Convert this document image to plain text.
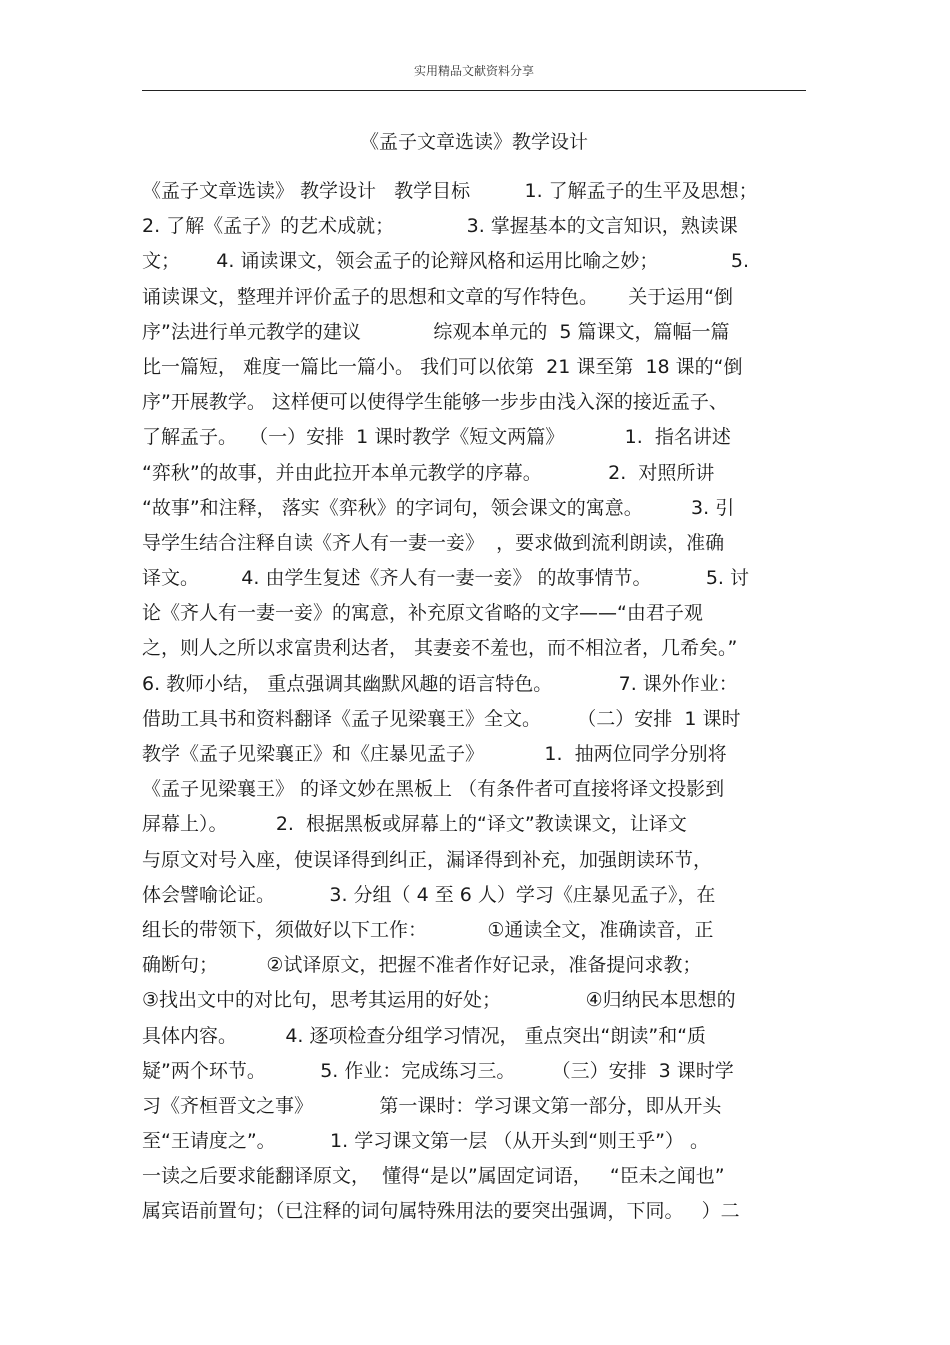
实用精品文献资料分享
《孟子文章选读》教学设计
《孟子文章选读》 教学设计   教学目标         1. 了解孟子的生平及思想；
2. 了解《孟子》的艺术成就；            3. 掌握基本的文言知识，熟读课
文；      4. 诵读课文，领会孟子的论辩风格和运用比喻之妙；            5.
诵读课文，整理并评价孟子的思想和文章的写作特色。     关于运用“倒
序”法进行单元教学的建议            综观本单元的  5 篇课文，篇幅一篇
比一篇短， 难度一篇比一篇小。 我们可以依第  21 课至第  18 课的“倒
序”开展教学。 这样便可以使得学生能够一步步由浅入深的接近孟子、
了解孟子。  （一）安排  1 课时教学《短文两篇》          1.  指名讲述
“弈秋”的故事，并由此拉开本单元教学的序幕。           2.  对照所讲
“故事”和注释， 落实《弈秋》的字词句，领会课文的寓意。        3. 引
导学生结合注释自读《齐人有一妻一妾》  ，要求做到流利朗读，准确
译文。       4. 由学生复述《齐人有一妻一妾》 的故事情节。         5. 讨
论《齐人有一妻一妾》的寓意，补充原文省略的文字——“由君子观
之，则人之所以求富贵利达者， 其妻妾不羞也，而不相泣者，几希矣。”
6. 教师小结， 重点强调其幽默风趣的语言特色。           7. 课外作业：
借助工具书和资料翻译《孟子见梁襄王》全文。      （二）安排  1 课时
教学《孟子见梁襄正》和《庄暴见孟子》          1.  抽两位同学分别将
《孟子见梁襄王》 的译文妙在黑板上 （有条件者可直接将译文投影到
屏幕上）。        2.  根据黑板或屏幕上的“译文”教读课文，让译文
与原文对号入座，使误译得到纠正，漏译得到补充，加强朗读环节，
体会譬喻论证。         3. 分组（ 4 至 6 人）学习《庄暴见孟子》，在
组长的带领下，须做好以下工作：          ①通读全文，准确读音，正
确断句；        ②试译原文，把握不准者作好记录，准备提问求教；
③找出文中的对比句，思考其运用的好处；              ④归纳民本思想的
具体内容。        4. 逐项检查分组学习情况， 重点突出“朗读”和“质
疑”两个环节。         5. 作业：完成练习三。      （三）安排  3 课时学
习《齐桓晋文之事》           第一课时：学习课文第一部分，即从开头
至“王请度之”。         1. 学习课文第一层 （从开头到“则王乎”） 。
一读之后要求能翻译原文，  懂得“是以”属固定词语，   “臣未之闻也”
属宾语前置句；（已注释的词句属特殊用法的要突出强调，下同。   ）二
